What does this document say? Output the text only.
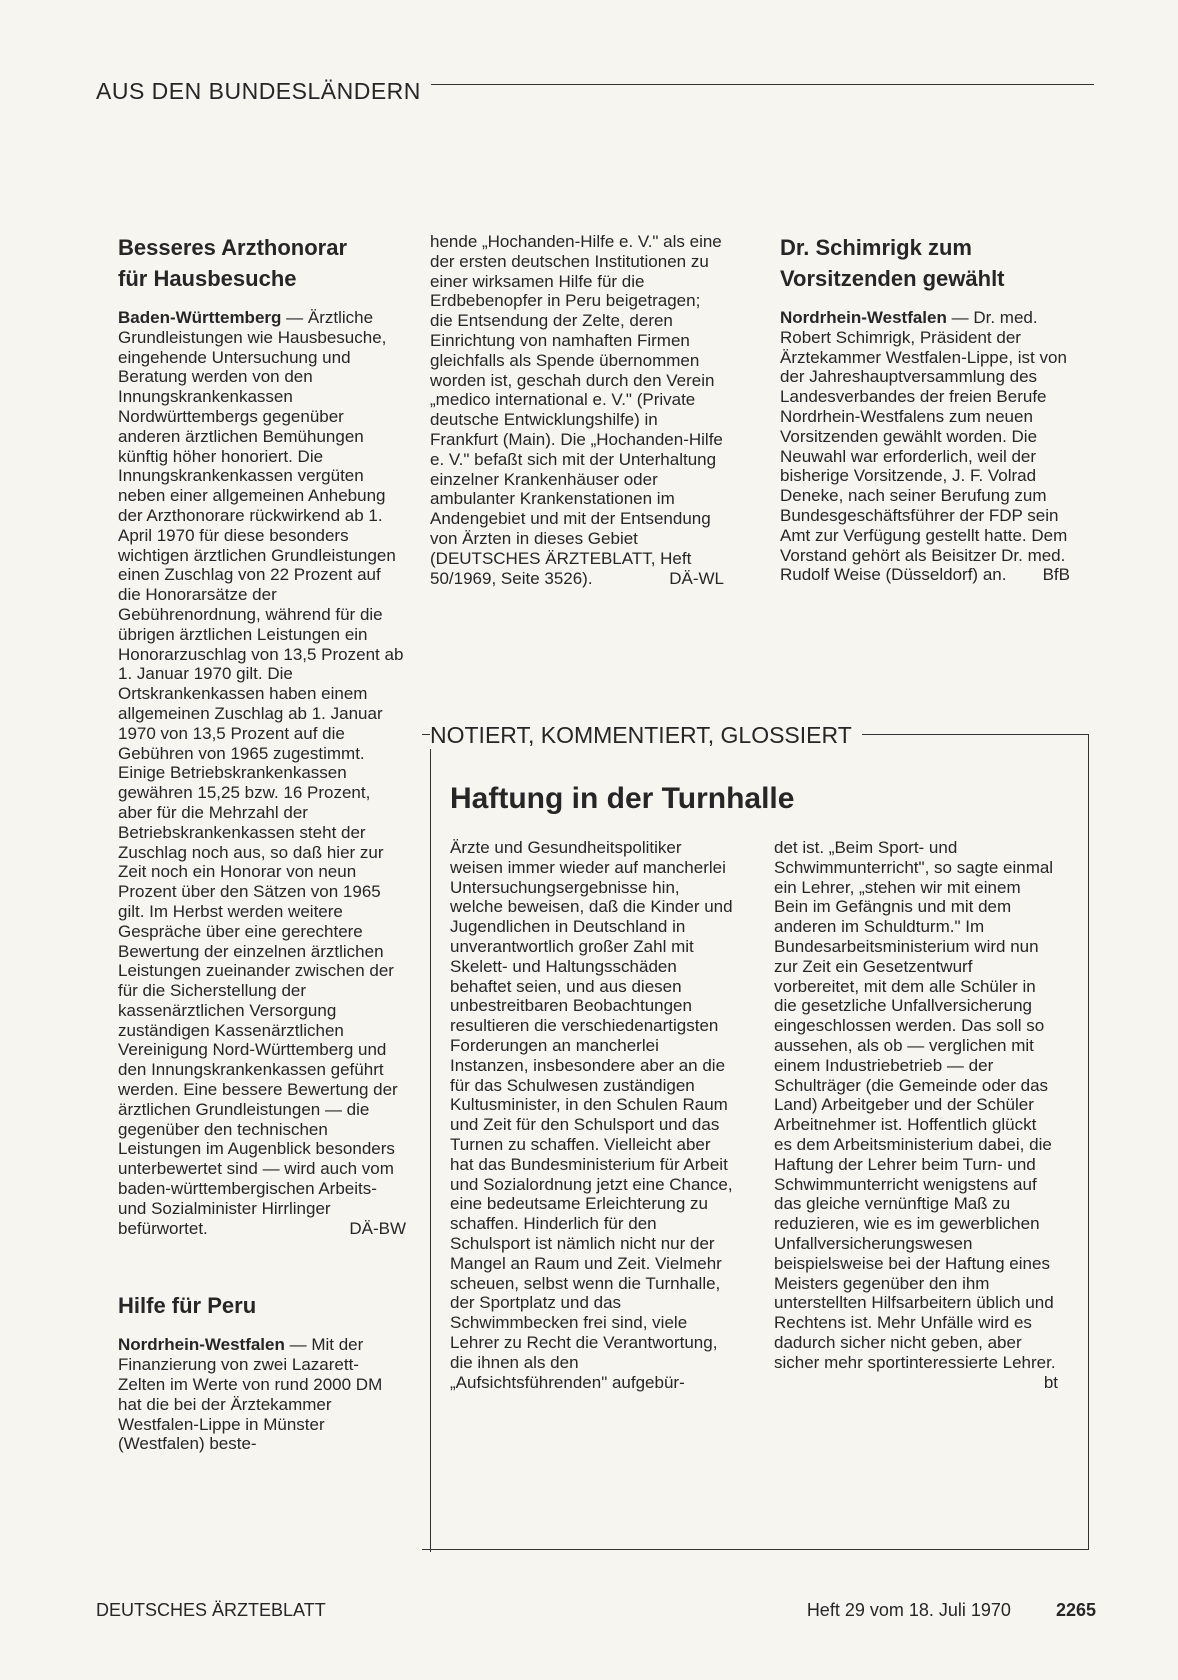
AUS DEN BUNDESLÄNDERN
Besseres Arzthonorar
für Hausbesuche

Baden-Württemberg — Ärztliche Grundleistungen wie Hausbesuche, eingehende Untersuchung und Beratung werden von den Innungskrankenkassen Nordwürttembergs gegenüber anderen ärztlichen Bemühungen künftig höher honoriert. Die Innungskrankenkassen vergüten neben einer allgemeinen Anhebung der Arzthonorare rückwirkend ab 1. April 1970 für diese besonders wichtigen ärztlichen Grundleistungen einen Zuschlag von 22 Prozent auf die Honorarsätze der Gebührenordnung, während für die übrigen ärztlichen Leistungen ein Honorarzuschlag von 13,5 Prozent ab 1. Januar 1970 gilt. Die Ortskrankenkassen haben einem allgemeinen Zuschlag ab 1. Januar 1970 von 13,5 Prozent auf die Gebühren von 1965 zugestimmt. Einige Betriebskrankenkassen gewähren 15,25 bzw. 16 Prozent, aber für die Mehrzahl der Betriebskrankenkassen steht der Zuschlag noch aus, so daß hier zur Zeit noch ein Honorar von neun Prozent über den Sätzen von 1965 gilt. Im Herbst werden weitere Gespräche über eine gerechtere Bewertung der einzelnen ärztlichen Leistungen zueinander zwischen der für die Sicherstellung der kassenärztlichen Versorgung zuständigen Kassenärztlichen Vereinigung Nord-Württemberg und den Innungskrankenkassen geführt werden. Eine bessere Bewertung der ärztlichen Grundleistungen — die gegenüber den technischen Leistungen im Augenblick besonders unterbewertet sind — wird auch vom baden-württembergischen Arbeits- und Sozialminister Hirrlinger befürwortet.	DÄ-BW

Hilfe für Peru

Nordrhein-Westfalen — Mit der Finanzierung von zwei Lazarett-Zelten im Werte von rund 2000 DM hat die bei der Ärztekammer Westfalen-Lippe in Münster (Westfalen) beste-

hende „Hochanden-Hilfe e. V." als eine der ersten deutschen Institutionen zu einer wirksamen Hilfe für die Erdbebenopfer in Peru beigetragen; die Entsendung der Zelte, deren Einrichtung von namhaften Firmen gleichfalls als Spende übernommen worden ist, geschah durch den Verein „medico international e. V." (Private deutsche Entwicklungshilfe) in Frankfurt (Main). Die „Hochanden-Hilfe e. V." befaßt sich mit der Unterhaltung einzelner Krankenhäuser oder ambulanter Krankenstationen im Andengebiet und mit der Entsendung von Ärzten in dieses Gebiet (DEUTSCHES ÄRZTEBLATT, Heft 50/1969, Seite 3526).	DÄ-WL

Dr. Schimrigk zum
Vorsitzenden gewählt

Nordrhein-Westfalen — Dr. med. Robert Schimrigk, Präsident der Ärztekammer Westfalen-Lippe, ist von der Jahreshauptversammlung des Landesverbandes der freien Berufe Nordrhein-Westfalens zum neuen Vorsitzenden gewählt worden. Die Neuwahl war erforderlich, weil der bisherige Vorsitzende, J. F. Volrad Deneke, nach seiner Berufung zum Bundesgeschäftsführer der FDP sein Amt zur Verfügung gestellt hatte. Dem Vorstand gehört als Beisitzer Dr. med. Rudolf Weise (Düsseldorf) an. BfB

NOTIERT, KOMMENTIERT, GLOSSIERT
Haftung in der Turnhalle

Ärzte und Gesundheitspolitiker weisen immer wieder auf mancherlei Untersuchungsergebnisse hin, welche beweisen, daß die Kinder und Jugendlichen in Deutschland in unverantwortlich großer Zahl mit Skelett- und Haltungsschäden behaftet seien, und aus diesen unbestreitbaren Beobachtungen resultieren die verschiedenartigsten Forderungen an mancherlei Instanzen, insbesondere aber an die für das Schulwesen zuständigen Kultusminister, in den Schulen Raum und Zeit für den Schulsport und das Turnen zu schaffen. Vielleicht aber hat das Bundesministerium für Arbeit und Sozialordnung jetzt eine Chance, eine bedeutsame Erleichterung zu schaffen. Hinderlich für den Schulsport ist nämlich nicht nur der Mangel an Raum und Zeit. Vielmehr scheuen, selbst wenn die Turnhalle, der Sportplatz und das Schwimmbecken frei sind, viele Lehrer zu Recht die Verantwortung, die ihnen als den „Aufsichtsführenden" aufgebür-

det ist. „Beim Sport- und Schwimmunterricht", so sagte einmal ein Lehrer, „stehen wir mit einem Bein im Gefängnis und mit dem anderen im Schuldturm." Im Bundesarbeitsministerium wird nun zur Zeit ein Gesetzentwurf vorbereitet, mit dem alle Schüler in die gesetzliche Unfallversicherung eingeschlossen werden. Das soll so aussehen, als ob — verglichen mit einem Industriebetrieb — der Schulträger (die Gemeinde oder das Land) Arbeitgeber und der Schüler Arbeitnehmer ist. Hoffentlich glückt es dem Arbeitsministerium dabei, die Haftung der Lehrer beim Turn- und Schwimmunterricht wenigstens auf das gleiche vernünftige Maß zu reduzieren, wie es im gewerblichen Unfallversicherungswesen beispielsweise bei der Haftung eines Meisters gegenüber den ihm unterstellten Hilfsarbeitern üblich und Rechtens ist. Mehr Unfälle wird es dadurch sicher nicht geben, aber sicher mehr sportinteressierte Lehrer.
bt

DEUTSCHES ÄRZTEBLATT	Heft 29 vom 18. Juli 1970	2265
